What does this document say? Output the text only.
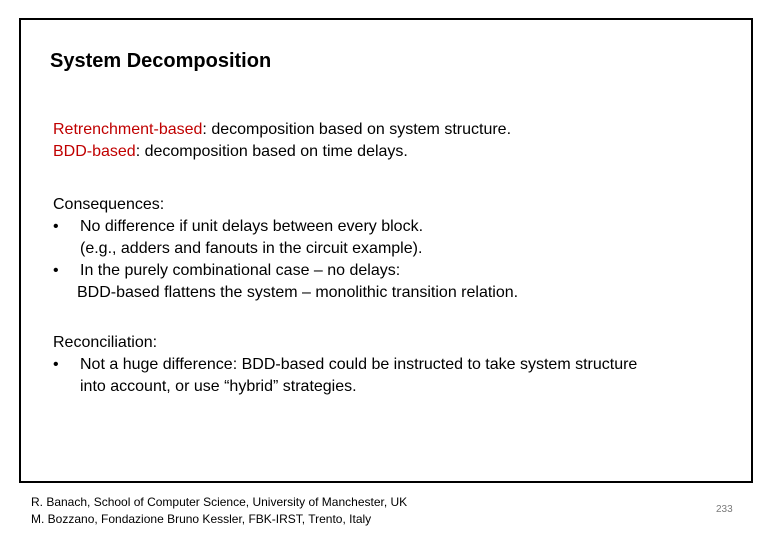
System Decomposition
Retrenchment-based: decomposition based on system structure.
BDD-based: decomposition based on time delays.
Consequences:
• No difference if unit delays between every block.
(e.g., adders and fanouts in the circuit example).
• In the purely combinational case – no delays:
BDD-based flattens the system – monolithic transition relation.
Reconciliation:
• Not a huge difference: BDD-based could be instructed to take system structure
into account, or use “hybrid” strategies.
R. Banach, School of Computer Science, University of Manchester, UK
M. Bozzano, Fondazione Bruno Kessler, FBK-IRST, Trento, Italy
233
